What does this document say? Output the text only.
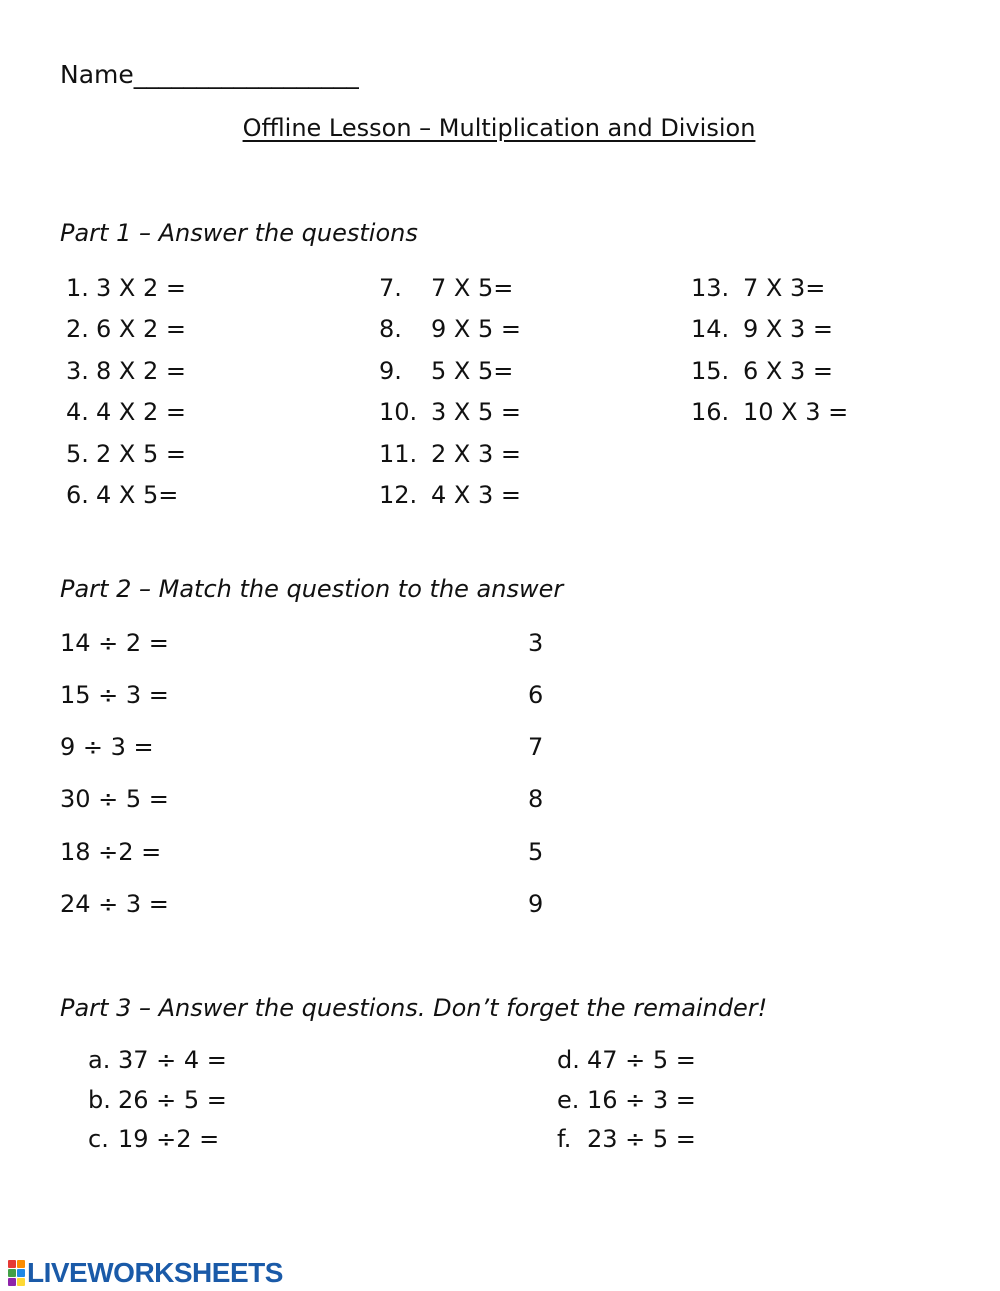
Name__________________
Offline Lesson – Multiplication and Division
Part 1 – Answer the questions
1. 3 X 2 =
2. 6 X 2 =
3. 8 X 2 =
4. 4 X 2 =
5. 2 X 5 =
6. 4 X 5=
7. 7 X 5=
8. 9 X 5 =
9. 5 X 5=
10. 3 X 5 =
11. 2 X 3 =
12. 4 X 3 =
13. 7 X 3=
14. 9 X 3 =
15. 6 X 3 =
16. 10 X 3 =
Part 2 – Match the question to the answer
14 ÷ 2 =
15 ÷ 3 =
9 ÷ 3 =
30 ÷ 5 =
18 ÷2 =
24 ÷ 3 =
3
6
7
8
5
9
Part 3 – Answer the questions. Don’t forget the remainder!
a. 37 ÷ 4 =
b. 26 ÷ 5 =
c. 19 ÷2 =
d. 47 ÷ 5 =
e. 16 ÷ 3 =
f. 23 ÷ 5 =
LIVEWORKSHEETS
